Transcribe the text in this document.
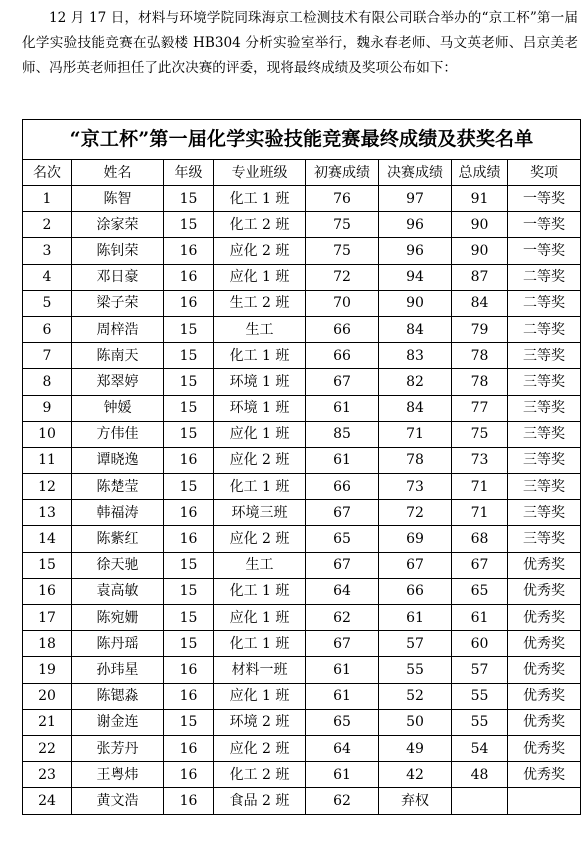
12 月 17 日，材料与环境学院同珠海京工检测技术有限公司联合举办的“京工杯”第一届化学实验技能竞赛在弘毅楼 HB304 分析实验室举行，魏永春老师、马文英老师、吕京美老师、冯彤英老师担任了此次决赛的评委，现将最终成绩及奖项公布如下：

“京工杯”第一届化学实验技能竞赛最终成绩及获奖名单
名次	姓名	年级	专业班级	初赛成绩	决赛成绩	总成绩	奖项
1	陈智	15	化工 1 班	76	97	91	一等奖
2	涂家荣	15	化工 2 班	75	96	90	一等奖
3	陈钊荣	16	应化 2 班	75	96	90	一等奖
4	邓日豪	16	应化 1 班	72	94	87	二等奖
5	梁子荣	16	生工 2 班	70	90	84	二等奖
6	周梓浩	15	生工	66	84	79	二等奖
7	陈南天	15	化工 1 班	66	83	78	三等奖
8	郑翠婷	15	环境 1 班	67	82	78	三等奖
9	钟媛	15	环境 1 班	61	84	77	三等奖
10	方伟佳	15	应化 1 班	85	71	75	三等奖
11	谭晓逸	16	应化 2 班	61	78	73	三等奖
12	陈楚莹	15	化工 1 班	66	73	71	三等奖
13	韩福涛	16	环境三班	67	72	71	三等奖
14	陈紫红	16	应化 2 班	65	69	68	三等奖
15	徐天驰	15	生工	67	67	67	优秀奖
16	袁高敏	15	化工 1 班	64	66	65	优秀奖
17	陈宛姗	15	应化 1 班	62	61	61	优秀奖
18	陈丹瑶	15	化工 1 班	67	57	60	优秀奖
19	孙玮星	16	材料一班	61	55	57	优秀奖
20	陈锶淼	16	应化 1 班	61	52	55	优秀奖
21	谢金连	15	环境 2 班	65	50	55	优秀奖
22	张芳丹	16	应化 2 班	64	49	54	优秀奖
23	王粤炜	16	化工 2 班	61	42	48	优秀奖
24	黄文浩	16	食品 2 班	62	弃权		
